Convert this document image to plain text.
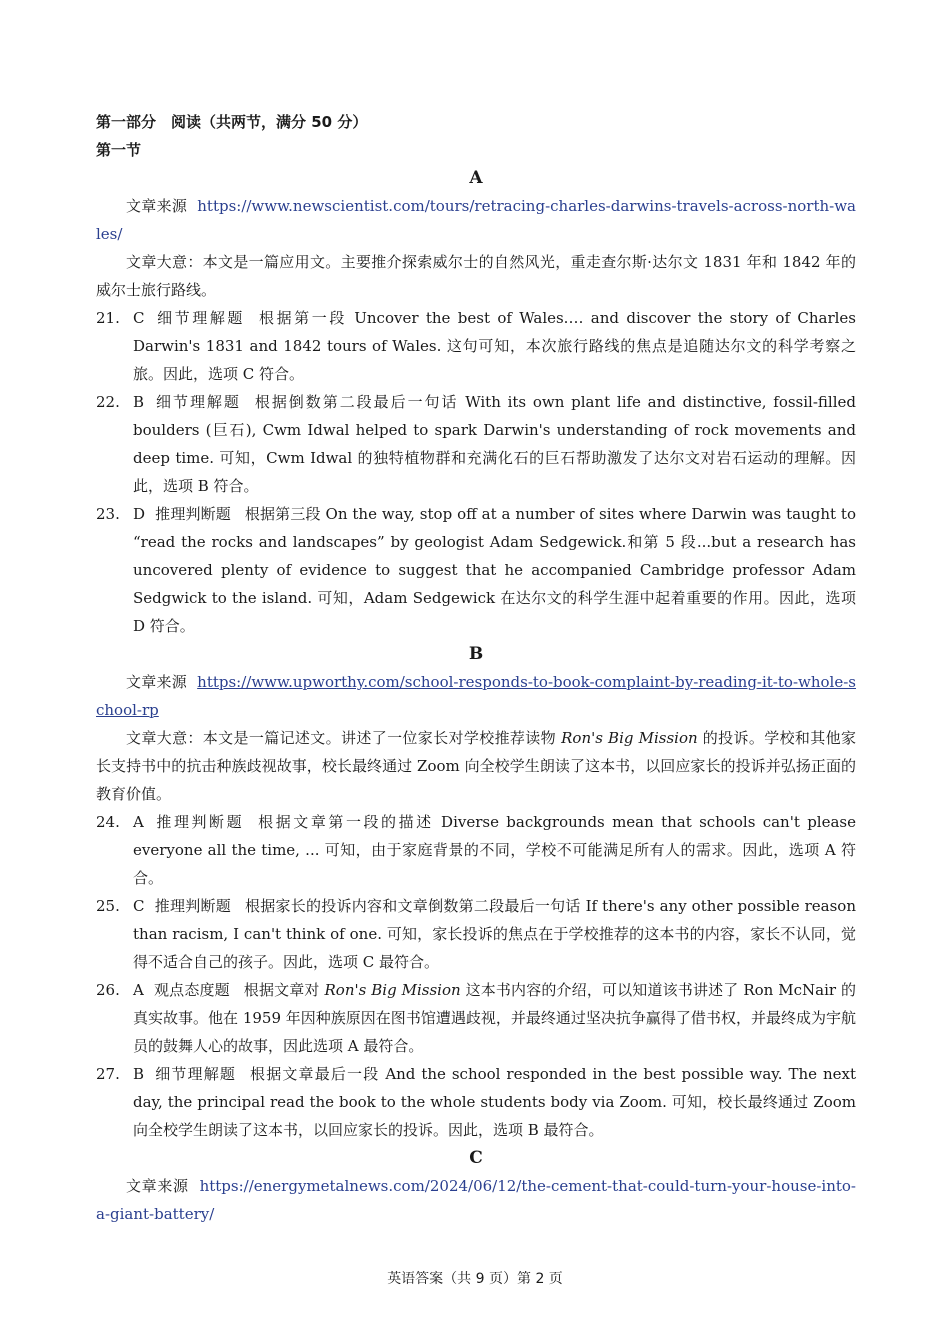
第一部分　阅读（共两节，满分 50 分）
第一节

A

文章来源 https://www.newscientist.com/tours/retracing-charles-darwins-travels-across-north-wales/

文章大意：本文是一篇应用文。主要推介探索威尔士的自然风光，重走查尔斯·达尔文 1831 年和 1842 年的威尔士旅行路线。

21. C 细节理解题 根据第一段 Uncover the best of Wales.… and discover the story of Charles Darwin's 1831 and 1842 tours of Wales. 这句可知，本次旅行路线的焦点是追随达尔文的科学考察之旅。因此，选项 C 符合。
22. B 细节理解题 根据倒数第二段最后一句话 With its own plant life and distinctive, fossil-filled boulders (巨石), Cwm Idwal helped to spark Darwin's understanding of rock movements and deep time. 可知，Cwm Idwal 的独特植物群和充满化石的巨石帮助激发了达尔文对岩石运动的理解。因此，选项 B 符合。
23. D 推理判断题 根据第三段 On the way, stop off at a number of sites where Darwin was taught to “read the rocks and landscapes” by geologist Adam Sedgewick.和第 5 段...but a research has uncovered plenty of evidence to suggest that he accompanied Cambridge professor Adam Sedgwick to the island. 可知，Adam Sedgewick 在达尔文的科学生涯中起着重要的作用。因此，选项 D 符合。

B

文章来源 https://www.upworthy.com/school-responds-to-book-complaint-by-reading-it-to-whole-school-rp

文章大意：本文是一篇记述文。讲述了一位家长对学校推荐读物 Ron's Big Mission 的投诉。学校和其他家长支持书中的抗击种族歧视故事，校长最终通过 Zoom 向全校学生朗读了这本书，以回应家长的投诉并弘扬正面的教育价值。

24. A 推理判断题 根据文章第一段的描述 Diverse backgrounds mean that schools can't please everyone all the time, ... 可知，由于家庭背景的不同，学校不可能满足所有人的需求。因此，选项 A 符合。
25. C 推理判断题 根据家长的投诉内容和文章倒数第二段最后一句话 If there's any other possible reason than racism, I can't think of one. 可知，家长投诉的焦点在于学校推荐的这本书的内容，家长不认同，觉得不适合自己的孩子。因此，选项 C 最符合。
26. A 观点态度题 根据文章对 Ron's Big Mission 这本书内容的介绍，可以知道该书讲述了 Ron McNair 的真实故事。他在 1959 年因种族原因在图书馆遭遇歧视，并最终通过坚决抗争赢得了借书权，并最终成为宇航员的鼓舞人心的故事，因此选项 A 最符合。
27. B 细节理解题 根据文章最后一段 And the school responded in the best possible way. The next day, the principal read the book to the whole students body via Zoom. 可知，校长最终通过 Zoom 向全校学生朗读了这本书，以回应家长的投诉。因此，选项 B 最符合。

C

文章来源 https://energymetalnews.com/2024/06/12/the-cement-that-could-turn-your-house-into-a-giant-battery/

英语答案（共 9 页）第 2 页
